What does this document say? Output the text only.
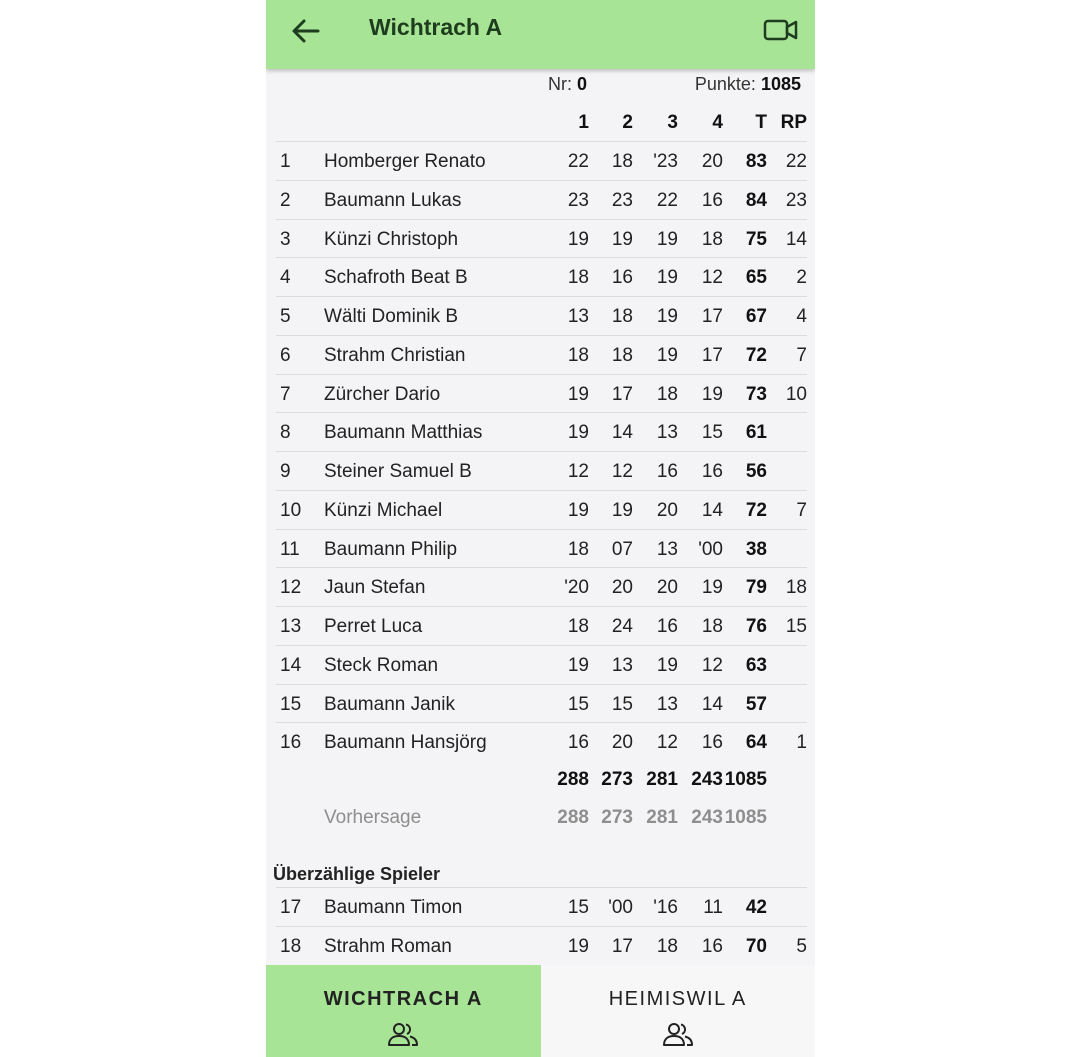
Wichtrach A
Nr: 0	Punkte: 1085
1 2 3 4 T RP
1	Homberger Renato	22 18 '23 20 83 22
2	Baumann Lukas	23 23 22 16 84 23
3	Künzi Christoph	19 19 19 18 75 14
4	Schafroth Beat B	18 16 19 12 65	2
5	Wälti Dominik B	13 18 19 17 67	4
6	Strahm Christian	18 18 19 17 72	7
7	Zürcher Dario	19 17 18 19 73 10
8	Baumann Matthias	19 14 13 15 61
9	Steiner Samuel B	12 12 16 16 56
10	Künzi Michael	19 19 20 14 72	7
11	Baumann Philip	18 07 13 '00 38
12	Jaun Stefan	'20 20 20 19 79 18
13	Perret Luca	18 24 16 18 76 15
14	Steck Roman	19 13 19 12 63
15	Baumann Janik	15 15 13 14 57
16	Baumann Hansjörg	16 20 12 16 64	1
288 273 281 243 1085
Vorhersage	288 273 281 243 1085
Überzählige Spieler
17	Baumann Timon	15 '00 '16 11 42
18	Strahm Roman	19 17 18 16 70	5
WICHTRACH A	HEIMISWIL A
